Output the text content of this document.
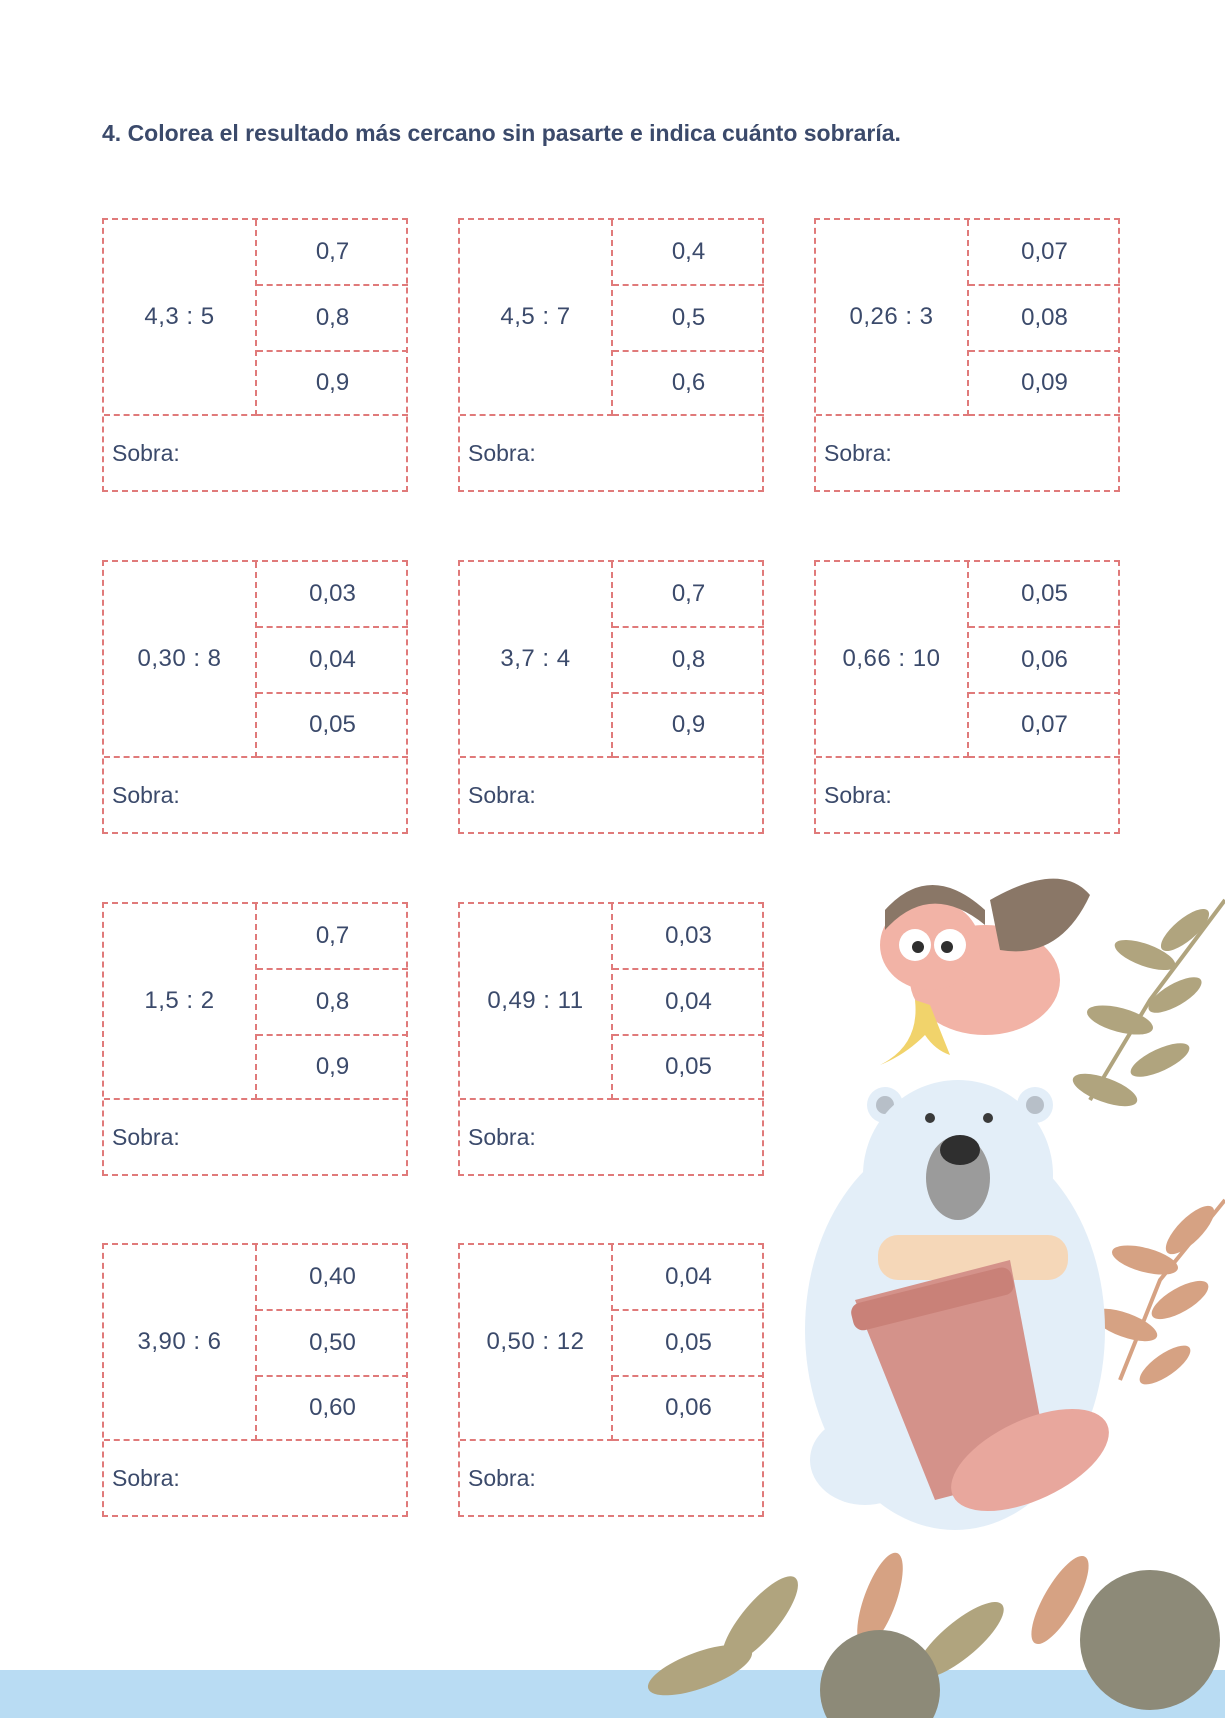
4. Colorea el resultado más cercano sin pasarte e indica cuánto sobraría.
4,3 : 5
0,7
0,8
0,9
Sobra:
4,5 : 7
0,4
0,5
0,6
Sobra:
0,26 : 3
0,07
0,08
0,09
Sobra:
0,30 : 8
0,03
0,04
0,05
Sobra:
3,7 : 4
0,7
0,8
0,9
Sobra:
0,66 : 10
0,05
0,06
0,07
Sobra:
1,5 : 2
0,7
0,8
0,9
Sobra:
0,49 : 11
0,03
0,04
0,05
Sobra:
3,90 : 6
0,40
0,50
0,60
Sobra:
0,50 : 12
0,04
0,05
0,06
Sobra:
